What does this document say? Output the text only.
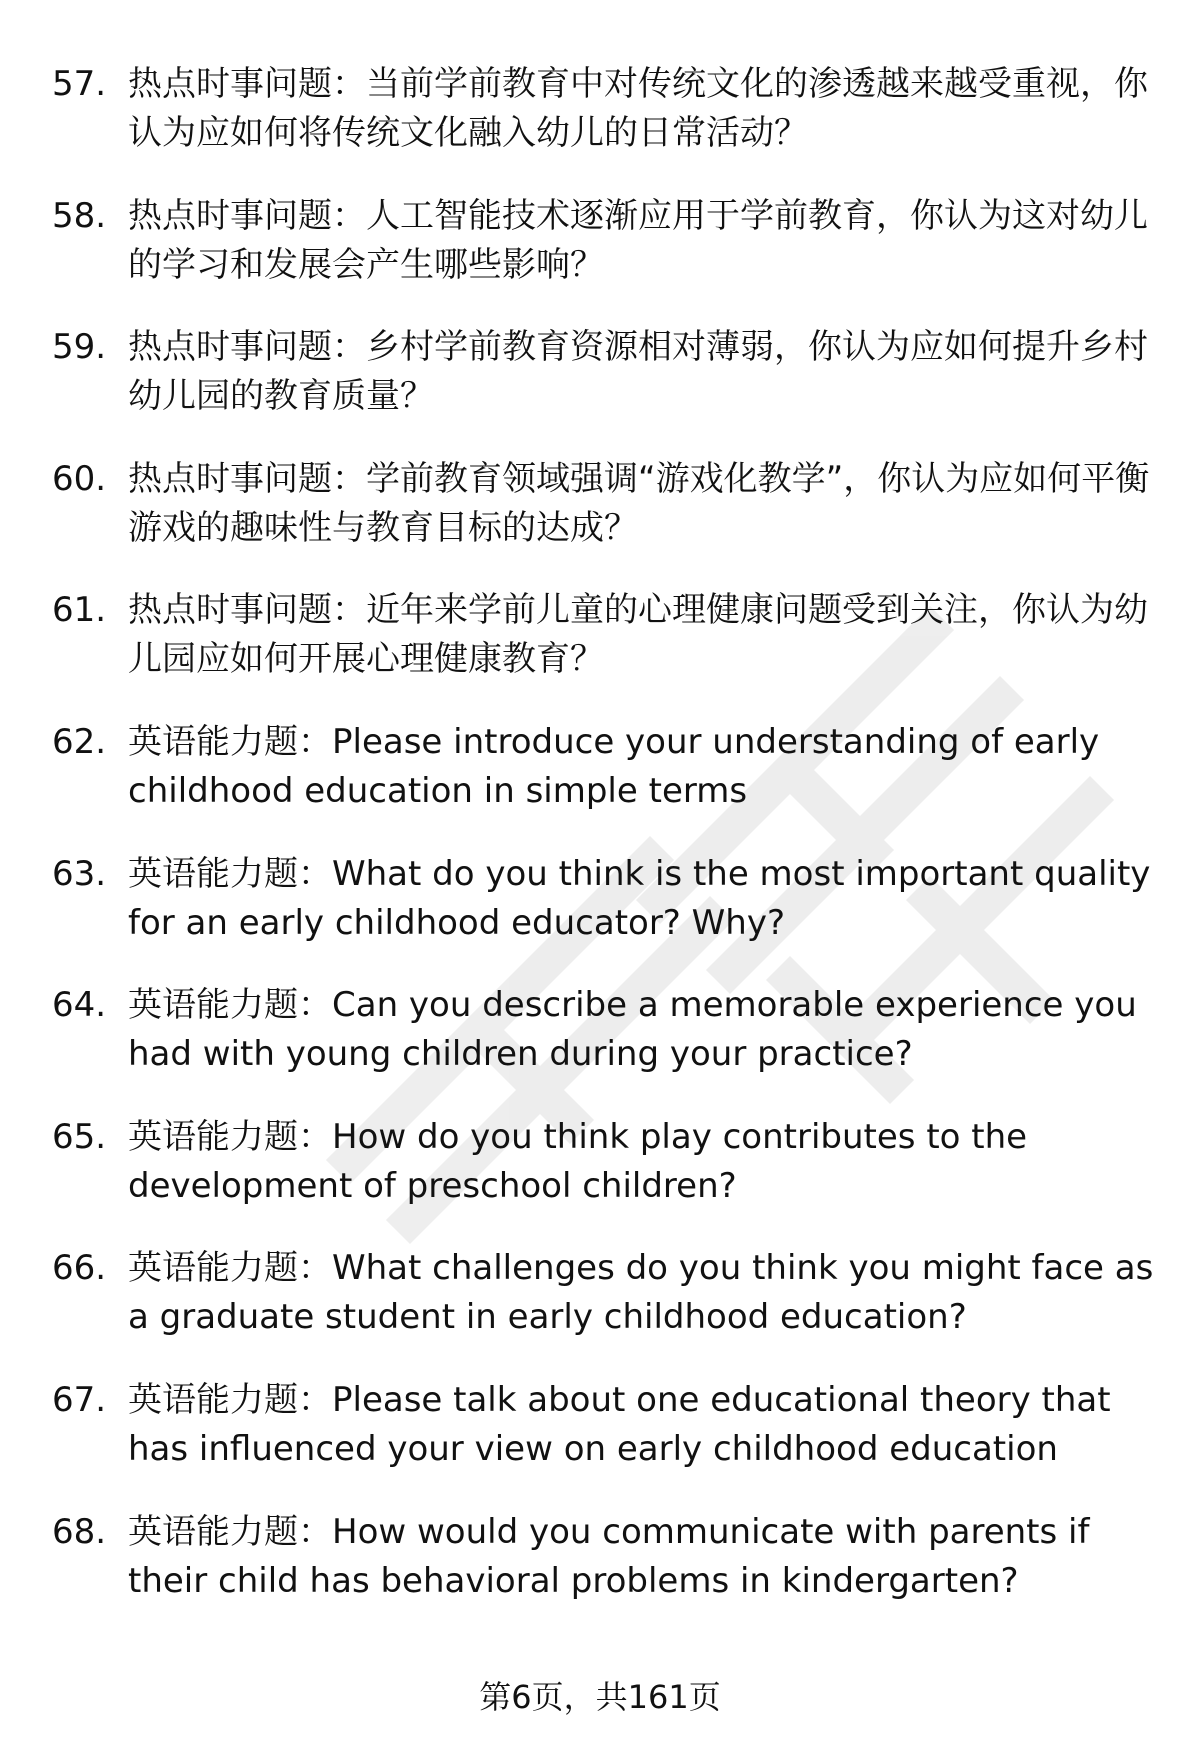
57. 热点时事问题：当前学前教育中对传统文化的渗透越来越受重视，你认为应如何将传统文化融入幼儿的日常活动？

58. 热点时事问题：人工智能技术逐渐应用于学前教育，你认为这对幼儿的学习和发展会产生哪些影响？

59. 热点时事问题：乡村学前教育资源相对薄弱，你认为应如何提升乡村幼儿园的教育质量？

60. 热点时事问题：学前教育领域强调“游戏化教学”，你认为应如何平衡游戏的趣味性与教育目标的达成？

61. 热点时事问题：近年来学前儿童的心理健康问题受到关注，你认为幼儿园应如何开展心理健康教育？

62. 英语能力题：Please introduce your understanding of early childhood education in simple terms

63. 英语能力题：What do you think is the most important quality for an early childhood educator? Why?

64. 英语能力题：Can you describe a memorable experience you had with young children during your practice?

65. 英语能力题：How do you think play contributes to the development of preschool children?

66. 英语能力题：What challenges do you think you might face as a graduate student in early childhood education?

67. 英语能力题：Please talk about one educational theory that has influenced your view on early childhood education

68. 英语能力题：How would you communicate with parents if their child has behavioral problems in kindergarten?

第6页，共161页
